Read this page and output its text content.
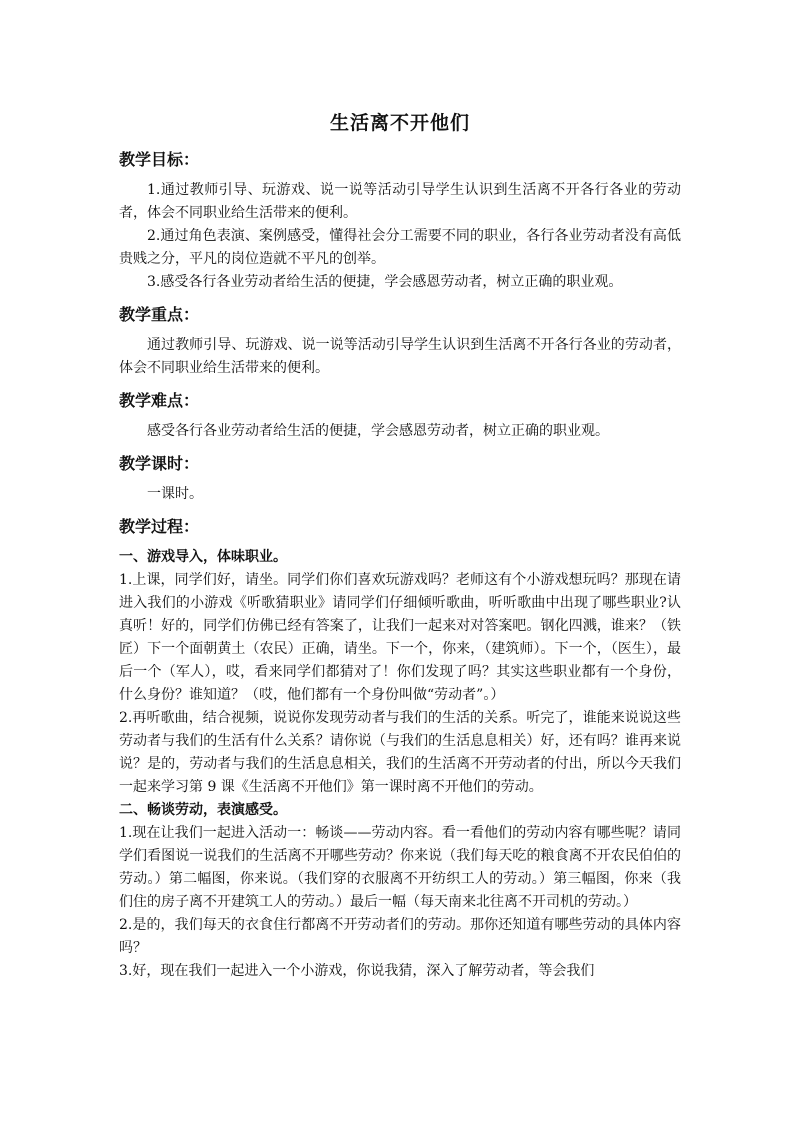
生活离不开他们
教学目标：

1.通过教师引导、玩游戏、说一说等活动引导学生认识到生活离不开各行各业的劳动者，体会不同职业给生活带来的便利。

2.通过角色表演、案例感受，懂得社会分工需要不同的职业，各行各业劳动者没有高低贵贱之分，平凡的岗位造就不平凡的创举。

3.感受各行各业劳动者给生活的便捷，学会感恩劳动者，树立正确的职业观。

教学重点：

通过教师引导、玩游戏、说一说等活动引导学生认识到生活离不开各行各业的劳动者，体会不同职业给生活带来的便利。

教学难点：

感受各行各业劳动者给生活的便捷，学会感恩劳动者，树立正确的职业观。

教学课时：

一课时。

教学过程：

一、游戏导入，体味职业。

1.上课，同学们好，请坐。同学们你们喜欢玩游戏吗？老师这有个小游戏想玩吗？那现在请进入我们的小游戏《听歌猜职业》请同学们仔细倾听歌曲，听听歌曲中出现了哪些职业?认真听！好的，同学们仿佛已经有答案了，让我们一起来对对答案吧。钢化四溅，谁来？（铁匠）下一个面朝黄土（农民）正确，请坐。下一个，你来，（建筑师）。下一个，（医生），最后一个（军人），哎，看来同学们都猜对了！你们发现了吗？其实这些职业都有一个身份，什么身份？谁知道？（哎，他们都有一个身份叫做“劳动者”。）

2.再听歌曲，结合视频，说说你发现劳动者与我们的生活的关系。听完了，谁能来说说这些劳动者与我们的生活有什么关系？请你说（与我们的生活息息相关）好，还有吗？谁再来说说？是的，劳动者与我们的生活息息相关，我们的生活离不开劳动者的付出，所以今天我们一起来学习第 9 课《生活离不开他们》第一课时离不开他们的劳动。

二、畅谈劳动，表演感受。

1.现在让我们一起进入活动一：畅谈——劳动内容。看一看他们的劳动内容有哪些呢？请同学们看图说一说我们的生活离不开哪些劳动？你来说（我们每天吃的粮食离不开农民伯伯的劳动。）第二幅图，你来说。（我们穿的衣服离不开纺织工人的劳动。）第三幅图，你来（我们住的房子离不开建筑工人的劳动。）最后一幅（每天南来北往离不开司机的劳动。）

2.是的，我们每天的衣食住行都离不开劳动者们的劳动。那你还知道有哪些劳动的具体内容吗？

3.好，现在我们一起进入一个小游戏，你说我猜，深入了解劳动者，等会我们
